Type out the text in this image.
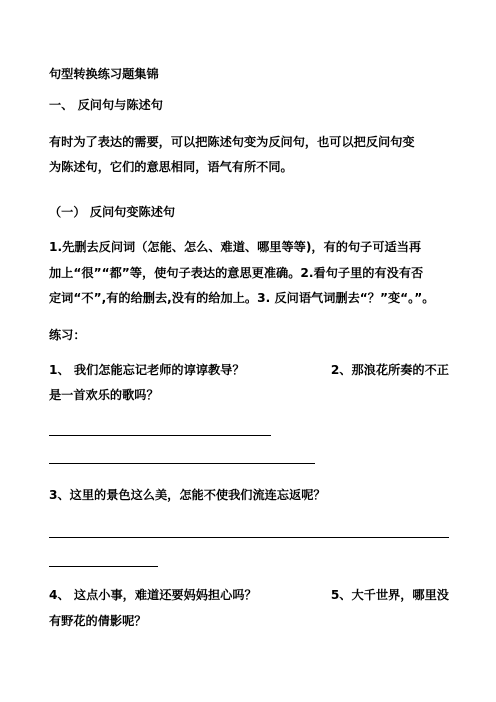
句型转换练习题集锦
一、 反问句与陈述句
有时为了表达的需要，可以把陈述句变为反问句，也可以把反问句变
为陈述句，它们的意思相同，语气有所不同。
（一） 反问句变陈述句
1.先删去反问词（怎能、怎么、难道、哪里等等)，有的句子可适当再
加上“很”“都”等，使句子表达的意思更准确。2.看句子里的有没有否
定词“不”,有的给删去,没有的给加上。3. 反问语气词删去“？”变“。”。
练习：
1、 我们怎能忘记老师的谆谆教导？	2、那浪花所奏的不正
是一首欢乐的歌吗？
3、这里的景色这么美，怎能不使我们流连忘返呢？
4、 这点小事，难道还要妈妈担心吗？	5、大千世界，哪里没
有野花的倩影呢？
